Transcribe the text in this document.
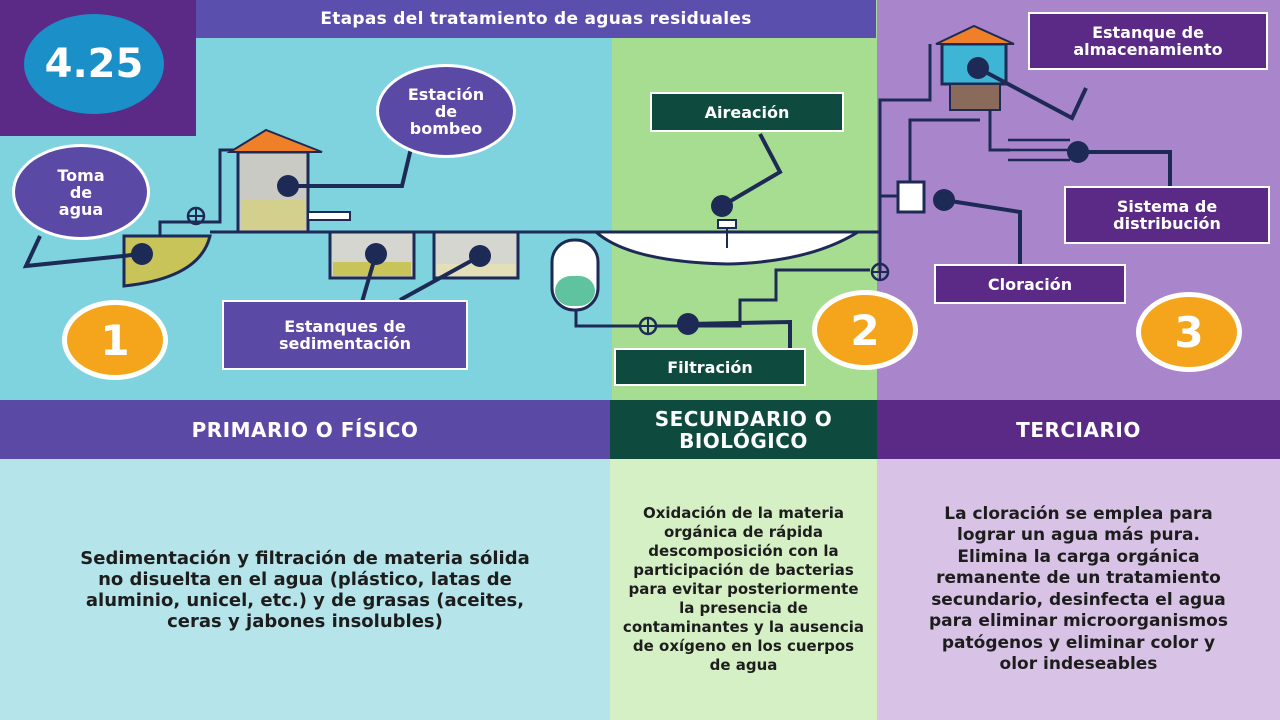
Etapas del tratamiento de aguas residuales
4.25
Toma de agua
Estación de bombeo
Estanques de sedimentación
Aireación
Filtración
Estanque de almacenamiento
Sistema de distribución
Cloración
1	2	3
PRIMARIO O FÍSICO	SECUNDARIO O BIOLÓGICO	TERCIARIO
Sedimentación y filtración de materia sólida no disuelta en el agua (plástico, latas de aluminio, unicel, etc.) y de grasas (aceites, ceras y jabones insolubles)
Oxidación de la materia orgánica de rápida descomposición con la participación de bacterias para evitar posteriormente la presencia de contaminantes y la ausencia de oxígeno en los cuerpos de agua
La cloración se emplea para lograr un agua más pura. Elimina la carga orgánica remanente de un tratamiento secundario, desinfecta el agua para eliminar microorganismos patógenos y eliminar color y olor indeseables
